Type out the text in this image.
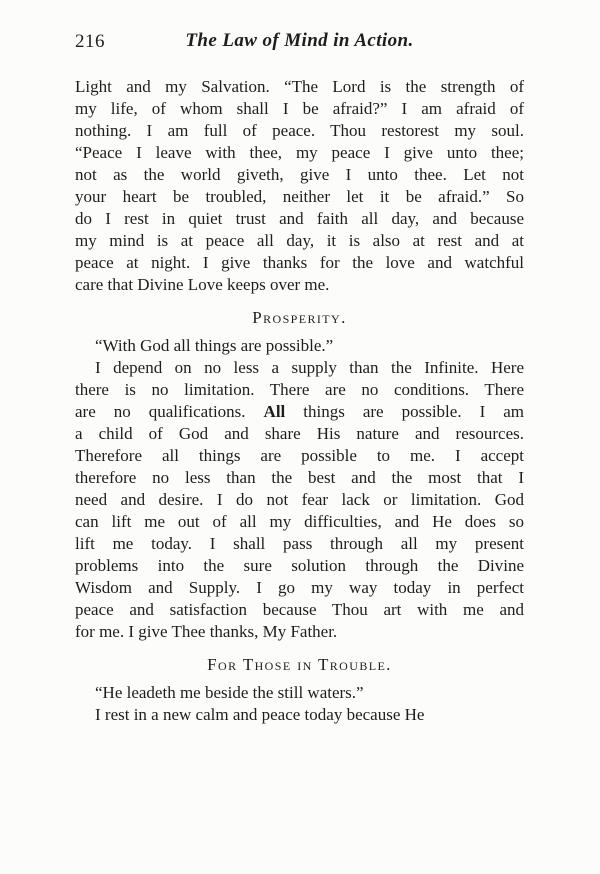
216	The Law of Mind in Action.

Light and my Salvation. “The Lord is the strength of
my life, of whom shall I be afraid?” I am afraid of
nothing. I am full of peace. Thou restorest my soul.
“Peace I leave with thee, my peace I give unto thee;
not as the world giveth, give I unto thee. Let not
your heart be troubled, neither let it be afraid.” So
do I rest in quiet trust and faith all day, and because
my mind is at peace all day, it is also at rest and at
peace at night. I give thanks for the love and watchful
care that Divine Love keeps over me.

Prosperity.

“With God all things are possible.”

I depend on no less a supply than the Infinite. Here
there is no limitation. There are no conditions. There
are no qualifications. All things are possible. I am
a child of God and share His nature and resources.
Therefore all things are possible to me. I accept
therefore no less than the best and the most that I
need and desire. I do not fear lack or limitation. God
can lift me out of all my difficulties, and He does so
lift me today. I shall pass through all my present
problems into the sure solution through the Divine
Wisdom and Supply. I go my way today in perfect
peace and satisfaction because Thou art with me and
for me. I give Thee thanks, My Father.

For Those in Trouble.

“He leadeth me beside the still waters.”

I rest in a new calm and peace today because He
